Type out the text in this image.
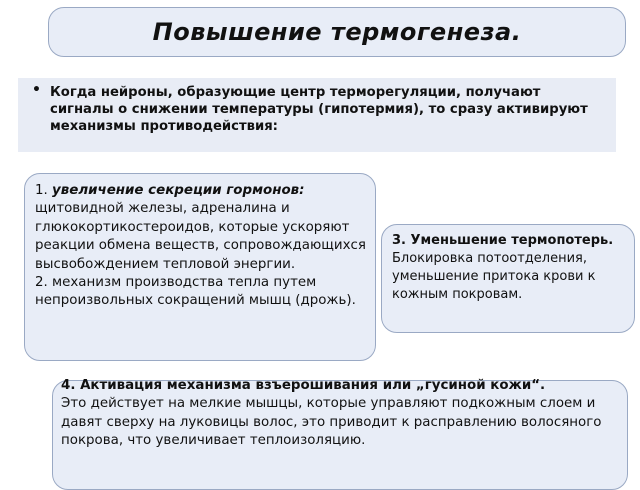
Повышение термогенеза.
• Когда нейроны, образующие центр терморегуляции, получают сигналы о снижении температуры (гипотермия), то сразу активируют механизмы противодействия:

1. увеличение секреции гормонов: щитовидной железы, адреналина и глюкокортикостероидов, которые ускоряют реакции обмена веществ, сопровождающихся высвобождением тепловой энергии.

2. механизм производства тепла путем непроизвольных сокращений мышц (дрожь).

3. Уменьшение термопотерь. Блокировка потоотделения, уменьшение притока крови к кожным покровам.

4. Активация механизма взъерошивания или „гусиной кожи“.

Это действует на мелкие мышцы, которые управляют подкожным слоем и давят сверху на луковицы волос, это приводит к расправлению волосяного покрова, что увеличивает теплоизоляцию.
